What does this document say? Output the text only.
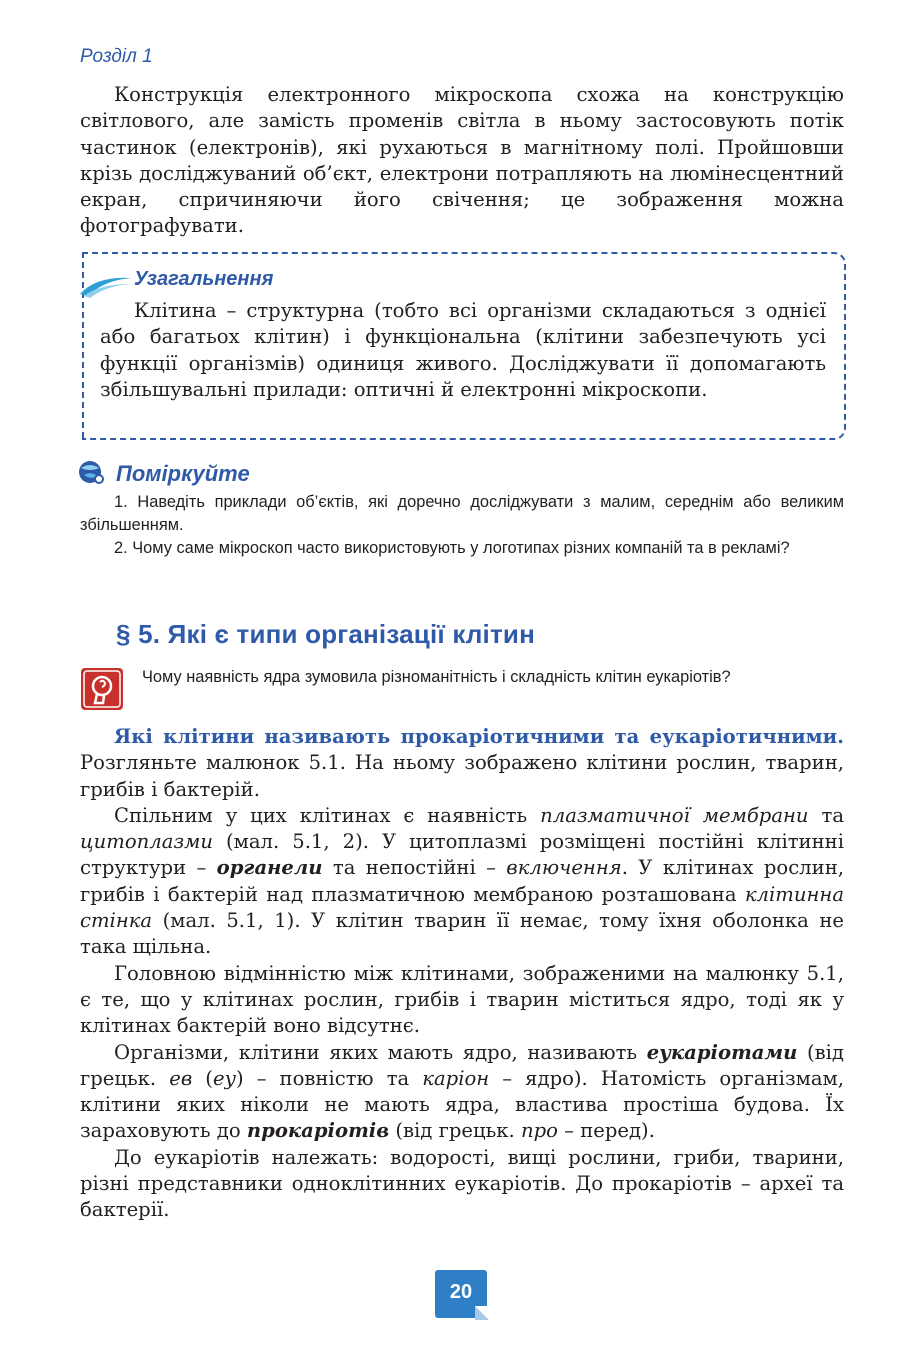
Розділ 1

Конструкція електронного мікроскопа схожа на конструкцію світлового, але замість променів світла в ньому застосовують потік частинок (електронів), які рухаються в магнітному полі. Пройшовши крізь досліджуваний об’єкт, електрони потрапляють на люмінесцентний екран, спричиняючи його свічення; це зображення можна фотографувати.

Узагальнення

Клітина – структурна (тобто всі організми складаються з однієї або багатьох клітин) і функціональна (клітини забезпечують усі функції організмів) одиниця живого. Досліджувати її допомагають збільшувальні прилади: оптичні й електронні мікроскопи.

Поміркуйте

1. Наведіть приклади об’єктів, які доречно досліджувати з малим, середнім або великим збільшенням.

2. Чому саме мікроскоп часто використовують у логотипах різних компаній та в рекламі?

§ 5. Які є типи організації клітин
Чому наявність ядра зумовила різноманітність і складність клітин еукаріотів?

Які клітини називають прокаріотичними та еукаріотичними. Розгляньте малюнок 5.1. На ньому зображено клітини рослин, тварин, грибів і бактерій.

Спільним у цих клітинах є наявність плазматичної мембрани та цитоплазми (мал. 5.1, 2). У цитоплазмі розміщені постійні клітинні структури – органели та непостійні – включення. У клітинах рослин, грибів і бактерій над плазматичною мембраною розташована клітинна стінка (мал. 5.1, 1). У клітин тварин її немає, тому їхня оболонка не така щільна.

Головною відмінністю між клітинами, зображеними на малюнку 5.1, є те, що у клітинах рослин, грибів і тварин міститься ядро, тоді як у клітинах бактерій воно відсутнє.

Організми, клітини яких мають ядро, називають еукаріотами (від грецьк. ев (еу) – повністю та каріон – ядро). Натомість організмам, клітини яких ніколи не мають ядра, властива простіша будова. Їх зараховують до прокаріотів (від грецьк. про – перед).

До еукаріотів належать: водорості, вищі рослини, гриби, тварини, різні представники одноклітинних еукаріотів. До прокаріотів – археї та бактерії.

20
